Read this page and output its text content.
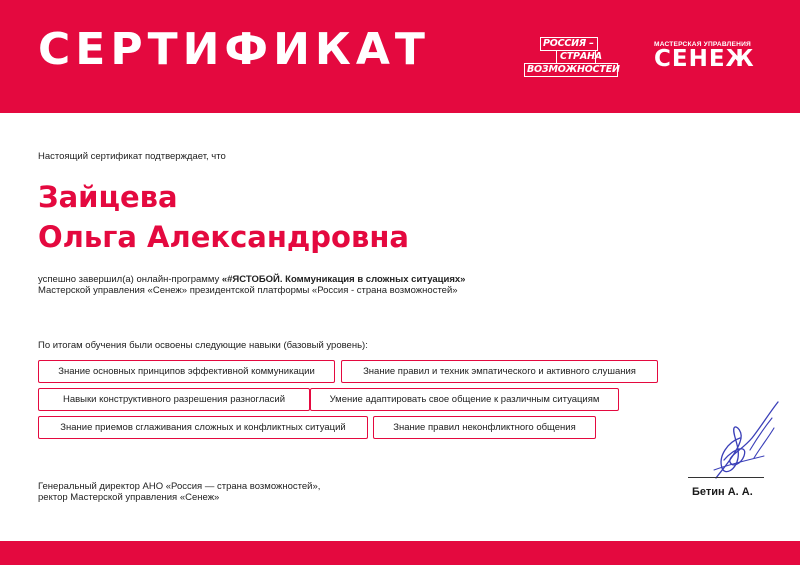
СЕРТИФИКАТ	РОССИЯ –
СТРАНА
ВОЗМОЖНОСТЕЙ
МАСТЕРСКАЯ УПРАВЛЕНИЯ
СЕНЕЖ
Настоящий сертификат подтверждает, что
Зайцева
Ольга Александровна
успешно завершил(а) онлайн-программу «#ЯСТОБОЙ. Коммуникация в сложных ситуациях»
Мастерской управления «Сенеж» президентской платформы «Россия - страна возможностей»
По итогам обучения были освоены следующие навыки (базовый уровень):
Знание основных принципов эффективной коммуникации	Знание правил и техник эмпатического и активного слушания
Навыки конструктивного разрешения разногласий	Умение адаптировать свое общение к различным ситуациям
Знание приемов сглаживания сложных и конфликтных ситуаций	Знание правил неконфликтного общения
Генеральный директор АНО «Россия — страна возможностей»,
ректор Мастерской управления «Сенеж»	Бетин А. А.
